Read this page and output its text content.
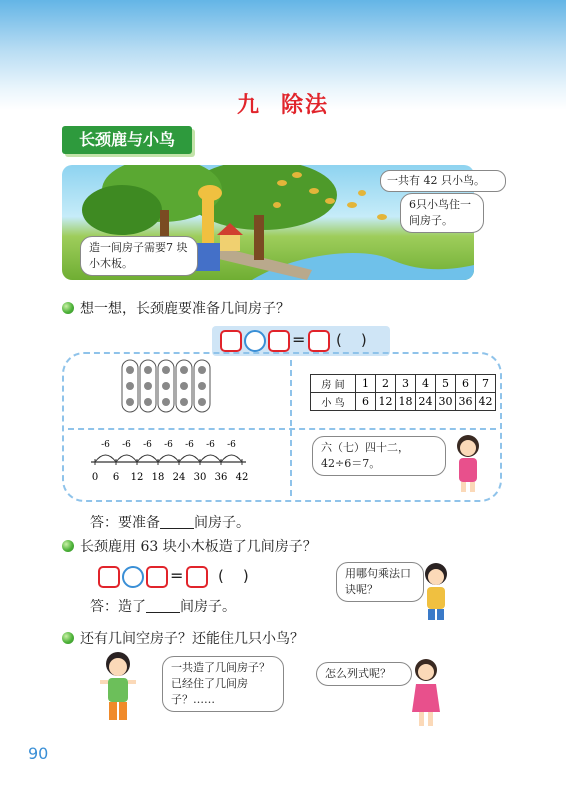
九 除法
长颈鹿与小鸟
一共有 42 只小鸟。
6只小鸟住一间房子。
造一间房子需要7 块小木板。
想一想，长颈鹿要准备几间房子？
= (    )
房 间	1	2	3	4	5	6	7
小 鸟	6	12	18	24	30	36	42
0 6 12 18 24 30 36 42
-6
-6
-6
-6
-6
-6
-6	六（七）四十二，42÷6＝7。
答：要准备 间房子。
长颈鹿用 63 块小木板造了几间房子？
= (    )	用哪句乘法口诀呢？
答：造了 间房子。
还有几间空房子？还能住几只小鸟？
一共造了几间房子？已经住了几间房子？……
怎么列式呢？
90
